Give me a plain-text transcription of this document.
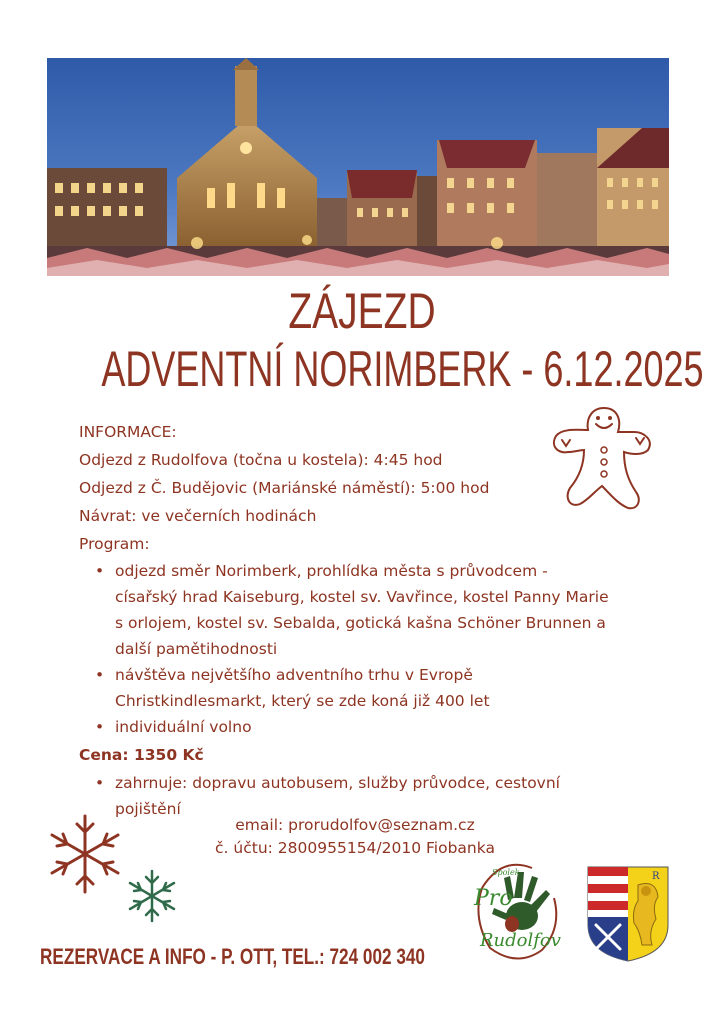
ZÁJEZD
ADVENTNÍ NORIMBERK - 6.12.2025
INFORMACE:
Odjezd z Rudolfova (točna u kostela): 4:45 hod
Odjezd z Č. Budějovic (Mariánské náměstí): 5:00 hod
Návrat: ve večerních hodinách
Program:
• odjezd směr Norimberk, prohlídka města s průvodcem - císařský hrad Kaiseburg, kostel sv. Vavřince, kostel Panny Marie s orlojem, kostel sv. Sebalda, gotická kašna Schöner Brunnen a další pamětihodnosti
• návštěva největšího adventního trhu v Evropě Christkindlesmarkt, který se zde koná již 400 let
• individuální volno
Cena: 1350 Kč
• zahrnuje: dopravu autobusem, služby průvodce, cestovní pojištění
email: prorudolfov@seznam.cz
č. účtu: 2800955154/2010 Fiobanka
REZERVACE A INFO - P. OTT, TEL.: 724 002 340
Spolek
Pro
Rudolfov
R
